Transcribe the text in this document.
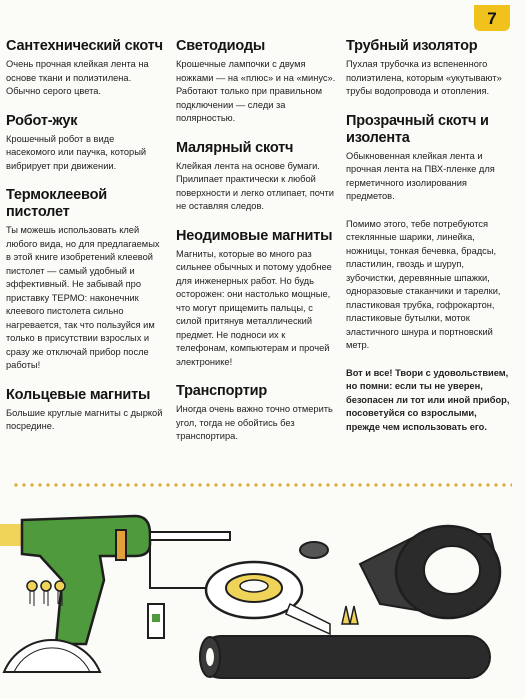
7
Сантехнический скотч

Очень прочная клейкая лента на основе ткани и полиэтилена. Обычно серого цвета.

Робот-жук

Крошечный робот в виде насекомого или паучка, который вибрирует при движении.

Термоклеевой пистолет

Ты можешь использовать клей любого вида, но для предлагаемых в этой книге изобретений клеевой пистолет — самый удобный и эффективный. Не забывай про приставку ТЕРМО: наконечник клеевого пистолета сильно нагревается, так что пользуйся им только в присутствии взрослых и сразу же отключай прибор после работы!

Кольцевые магниты

Большие круглые магниты с дыркой посредине.

Светодиоды

Крошечные лампочки с двумя ножками — на «плюс» и на «минус». Работают только при правильном подключении — следи за полярностью.

Малярный скотч

Клейкая лента на основе бумаги. Прилипает практически к любой поверхности и легко отлипает, почти не оставляя следов.

Неодимовые магниты

Магниты, которые во много раз сильнее обычных и потому удобнее для инженерных работ. Но будь осторожен: они настолько мощные, что могут прищемить пальцы, с силой притянув металлический предмет. Не подноси их к телефонам, компьютерам и прочей электронике!

Транспортир

Иногда очень важно точно отмерить угол, тогда не обойтись без транспортира.

Трубный изолятор

Пухлая трубочка из вспененного полиэтилена, которым «укутывают» трубы водопровода и отопления.

Прозрачный скотч и изолента

Обыкновенная клейкая лента и прочная лента на ПВХ-пленке для герметичного изолирования предметов.

Помимо этого, тебе потребуются стеклянные шарики, линейка, ножницы, тонкая бечевка, брадсы, пластилин, гвоздь и шуруп, зубочистки, деревянные шпажки, одноразовые стаканчики и тарелки, пластиковая трубка, гофрокартон, пластиковые бутылки, моток эластичного шнура и портновский метр.

Вот и все! Твори с удовольствием, но помни: если ты не уверен, безопасен ли тот или иной прибор, посоветуйся со взрослыми, прежде чем использовать его.
